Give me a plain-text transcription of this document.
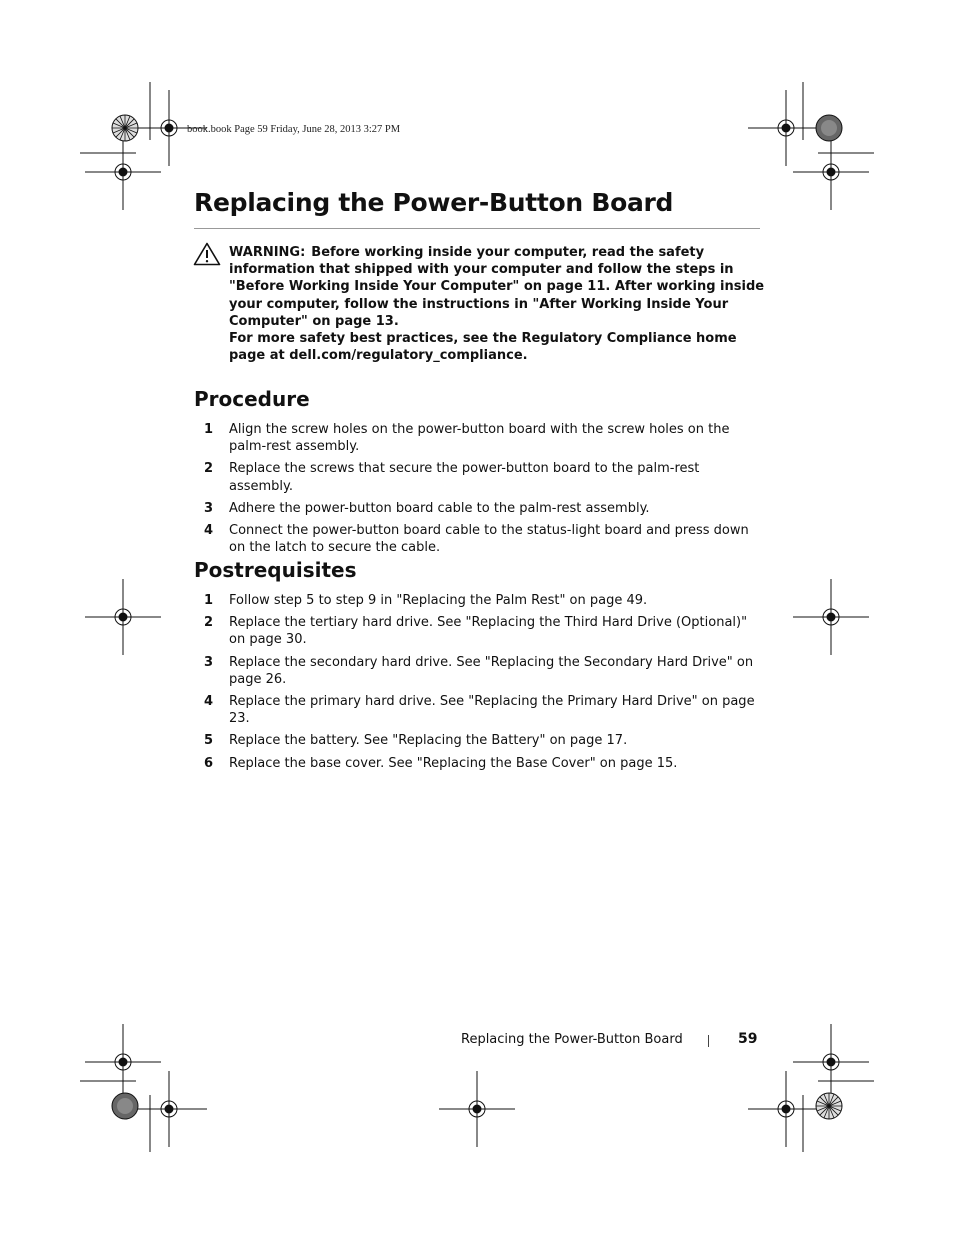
book.book Page 59 Friday, June 28, 2013 3:27 PM
Replacing the Power-Button Board

WARNING: Before working inside your computer, read the safety information that shipped with your computer and follow the steps in "Before Working Inside Your Computer" on page 11. After working inside your computer, follow the instructions in "After Working Inside Your Computer" on page 13.

For more safety best practices, see the Regulatory Compliance home page at dell.com/regulatory_compliance.

Procedure
1 Align the screw holes on the power-button board with the screw holes on the palm-rest assembly.
2 Replace the screws that secure the power-button board to the palm-rest assembly.
3 Adhere the power-button board cable to the palm-rest assembly.
4 Connect the power-button board cable to the status-light board and press down on the latch to secure the cable.
Postrequisites
1 Follow step 5 to step 9 in "Replacing the Palm Rest" on page 49.
2 Replace the tertiary hard drive. See "Replacing the Third Hard Drive (Optional)" on page 30.
3 Replace the secondary hard drive. See "Replacing the Secondary Hard Drive" on page 26.
4 Replace the primary hard drive. See "Replacing the Primary Hard Drive" on page 23.
5 Replace the battery. See "Replacing the Battery" on page 17.
6 Replace the base cover. See "Replacing the Base Cover" on page 15.
Replacing the Power-Button Board	59
